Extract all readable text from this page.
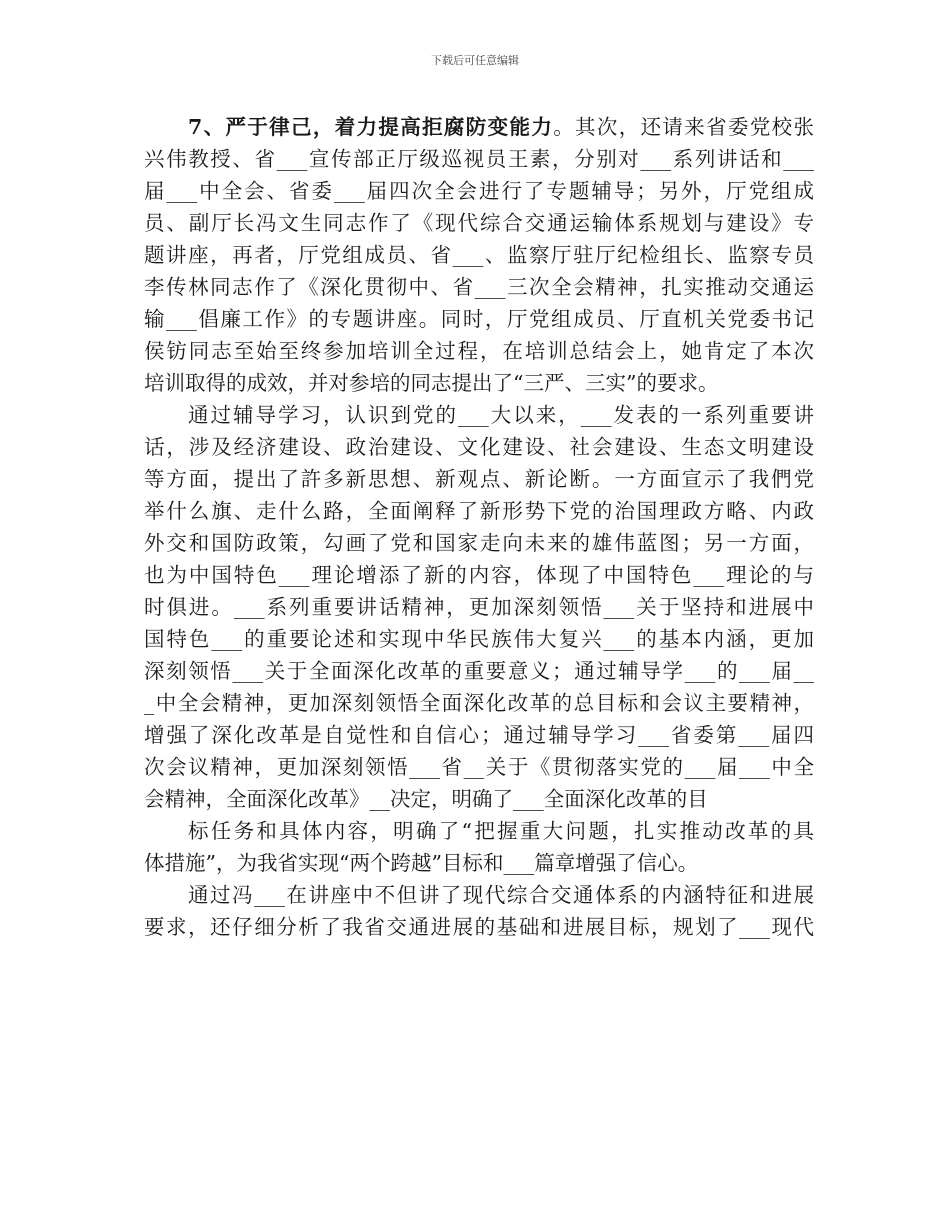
下载后可任意编辑
7、严于律己，着力提高拒腐防变能力。其次，还请来省委党校张
兴伟教授、省___宣传部正厅级巡视员王素，分别对___系列讲话和___
届___中全会、省委___届四次全会进行了专题辅导；另外，厅党组成
员、副厅长冯文生同志作了《现代综合交通运输体系规划与建设》专
题讲座，再者，厅党组成员、省___、监察厅驻厅纪检组长、监察专员
李传林同志作了《深化贯彻中、省___三次全会精神，扎实推动交通运
输___倡廉工作》的专题讲座。同时，厅党组成员、厅直机关党委书记
侯钫同志至始至终参加培训全过程，在培训总结会上，她肯定了本次
培训取得的成效，并对参培的同志提出了“三严、三实”的要求。
通过辅导学习，认识到党的___大以来，___发表的一系列重要讲
话，涉及经济建设、政治建设、文化建设、社会建设、生态文明建设
等方面，提出了許多新思想、新观点、新论断。一方面宣示了我們党
举什么旗、走什么路，全面阐释了新形势下党的治国理政方略、内政
外交和国防政策，勾画了党和国家走向未来的雄伟蓝图；另一方面，
也为中国特色___理论增添了新的内容，体现了中国特色___理论的与
时俱进。___系列重要讲话精神，更加深刻领悟___关于坚持和进展中
国特色___的重要论述和实现中华民族伟大复兴___的基本内涵，更加
深刻领悟___关于全面深化改革的重要意义；通过辅导学___的___届__
_中全会精神，更加深刻领悟全面深化改革的总目标和会议主要精神，
增强了深化改革是自觉性和自信心；通过辅导学习___省委第___届四
次会议精神，更加深刻领悟___省__关于《贯彻落实党的___届___中全
会精神，全面深化改革》__决定，明确了___全面深化改革的目
标任务和具体内容，明确了“把握重大问题，扎实推动改革的具
体措施”，为我省实现“两个跨越”目标和___篇章增强了信心。
通过冯___在讲座中不但讲了现代综合交通体系的内涵特征和进展
要求，还仔细分析了我省交通进展的基础和进展目标，规划了___现代
